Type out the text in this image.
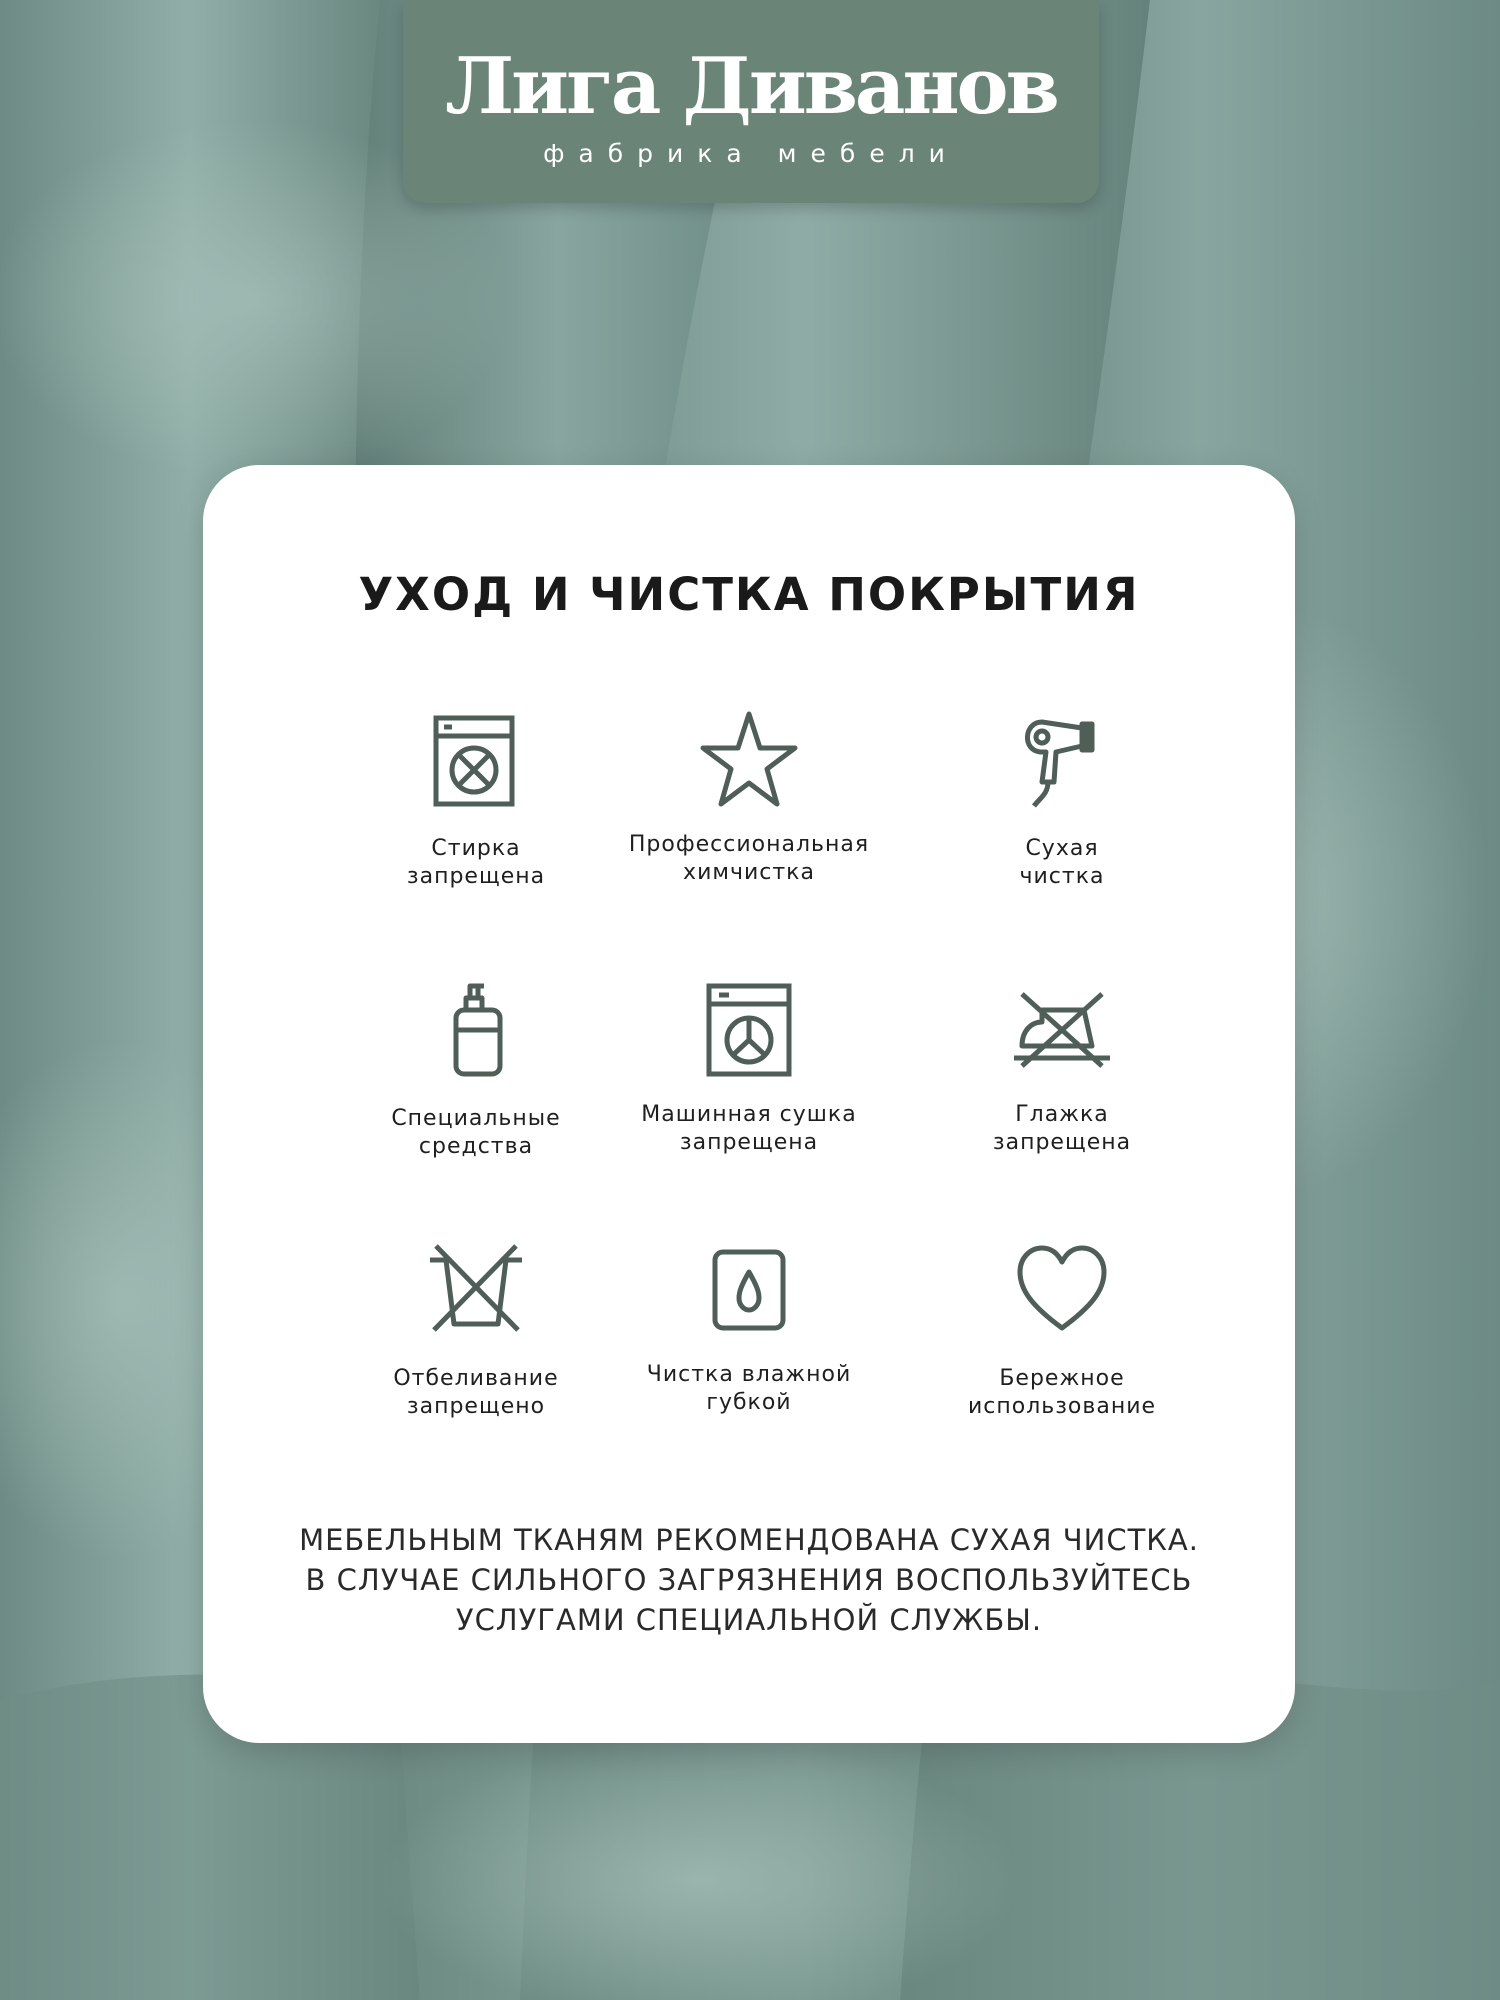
Лига Диванов
фабрика мебели
УХОД И ЧИСТКА ПОКРЫТИЯ
Стирка
запрещена
Профессиональная
химчистка
Сухая
чистка
Специальные
средства
Машинная сушка
запрещена
Глажка
запрещена
Отбеливание
запрещено
Чистка влажной
губкой
Бережное
использование
МЕБЕЛЬНЫМ ТКАНЯМ РЕКОМЕНДОВАНА СУХАЯ ЧИСТКА.
В СЛУЧАЕ СИЛЬНОГО ЗАГРЯЗНЕНИЯ ВОСПОЛЬЗУЙТЕСЬ
УСЛУГАМИ СПЕЦИАЛЬНОЙ СЛУЖБЫ.
